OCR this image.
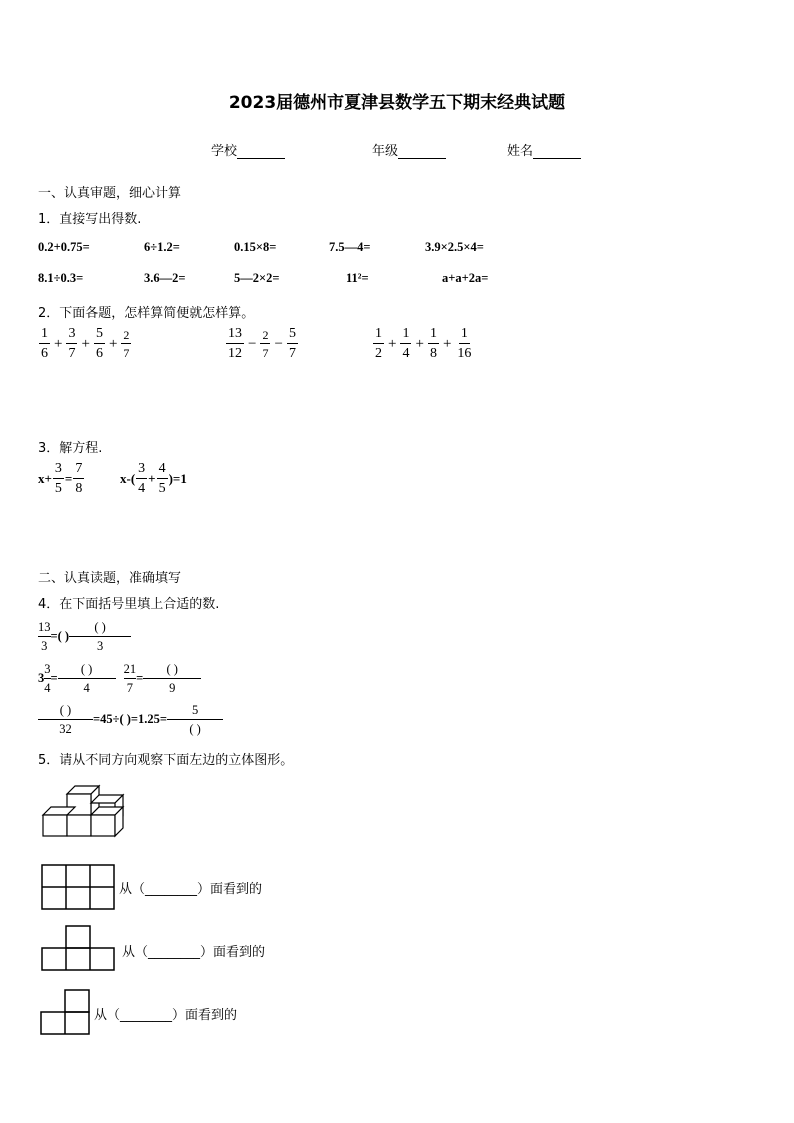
2023届德州市夏津县数学五下期末经典试题
学校	年级	姓名
一、认真审题，细心计算
1．直接写出得数.
0.2+0.75=	6÷1.2=	0.15×8=	7.5—4=	3.9×2.5×4=
8.1÷0.3=	3.6—2=	5—2×2=	11²=	a+a+2a=
2．下面各题，怎样算简便就怎样算。
$\frac{1}{6} + \frac{3}{7} + \frac{5}{6} + \frac{2}{7}$	$\frac{13}{12} - \frac{2}{7} - \frac{5}{7}$	$\frac{1}{2} + \frac{1}{4} + \frac{1}{8} + \frac{1}{16}$
3．解方程.
$x+ \frac{3}{5} = \frac{7}{8}$	$x-( \frac{3}{4} + \frac{4}{5} )=1$
二、认真读题，准确填写
4．在下面括号里填上合适的数.
$\frac{13}{3}$ =( )
( )
3
$3 \frac{3}{4}$ =
( )
4	$\frac{21}{7}$ =
( )
9
( )
32
=45÷( )=1.25=
5
( )
5．请从不同方向观察下面左边的立体图形。
从（________）面看到的
从（________）面看到的
从（________）面看到的
